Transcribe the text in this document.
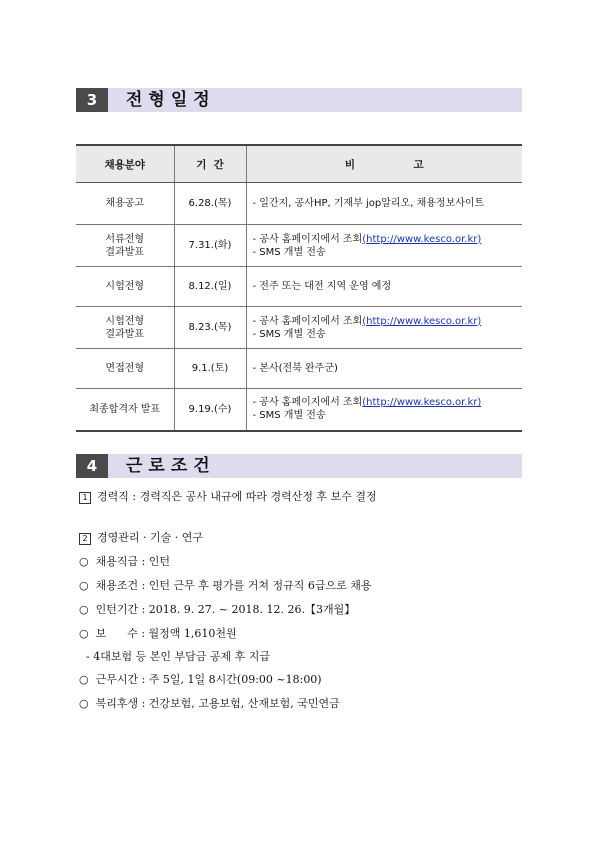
3	전형일정
채용분야	기  간	비                고

채용공고	6.28.(목)	- 일간지, 공사HP, 기재부 jop알리오, 채용정보사이트

서류전형
결과발표	7.31.(화)	- 공사 홈페이지에서 조회(http://www.kesco.or.kr)
- SMS 개별 전송

시험전형	8.12.(일)	- 전주 또는 대전 지역 운영 예정

시험전형
결과발표	8.23.(목)	- 공사 홈페이지에서 조회(http://www.kesco.or.kr)
- SMS 개별 전송

면접전형	9.1.(토)	- 본사(전북 완주군)

최종합격자 발표	9.19.(수)	- 공사 홈페이지에서 조회(http://www.kesco.or.kr)
- SMS 개별 전송
4	근로조건
1 경력직 : 경력직은 공사 내규에 따라 경력산정 후 보수 결정
2 경영관리 · 기술 · 연구
○  채용직급 : 인턴
○  채용조건 : 인턴 근무 후 평가를 거쳐 정규직 6급으로 채용
○  인턴기간 : 2018. 9. 27. ~ 2018. 12. 26.【3개월】
○  보      수 : 월정액 1,610천원
- 4대보험 등 본인 부담금 공제 후 지급
○  근무시간 : 주 5일, 1일 8시간(09:00 ~18:00)
○  복리후생 : 건강보험, 고용보험, 산재보험, 국민연금
